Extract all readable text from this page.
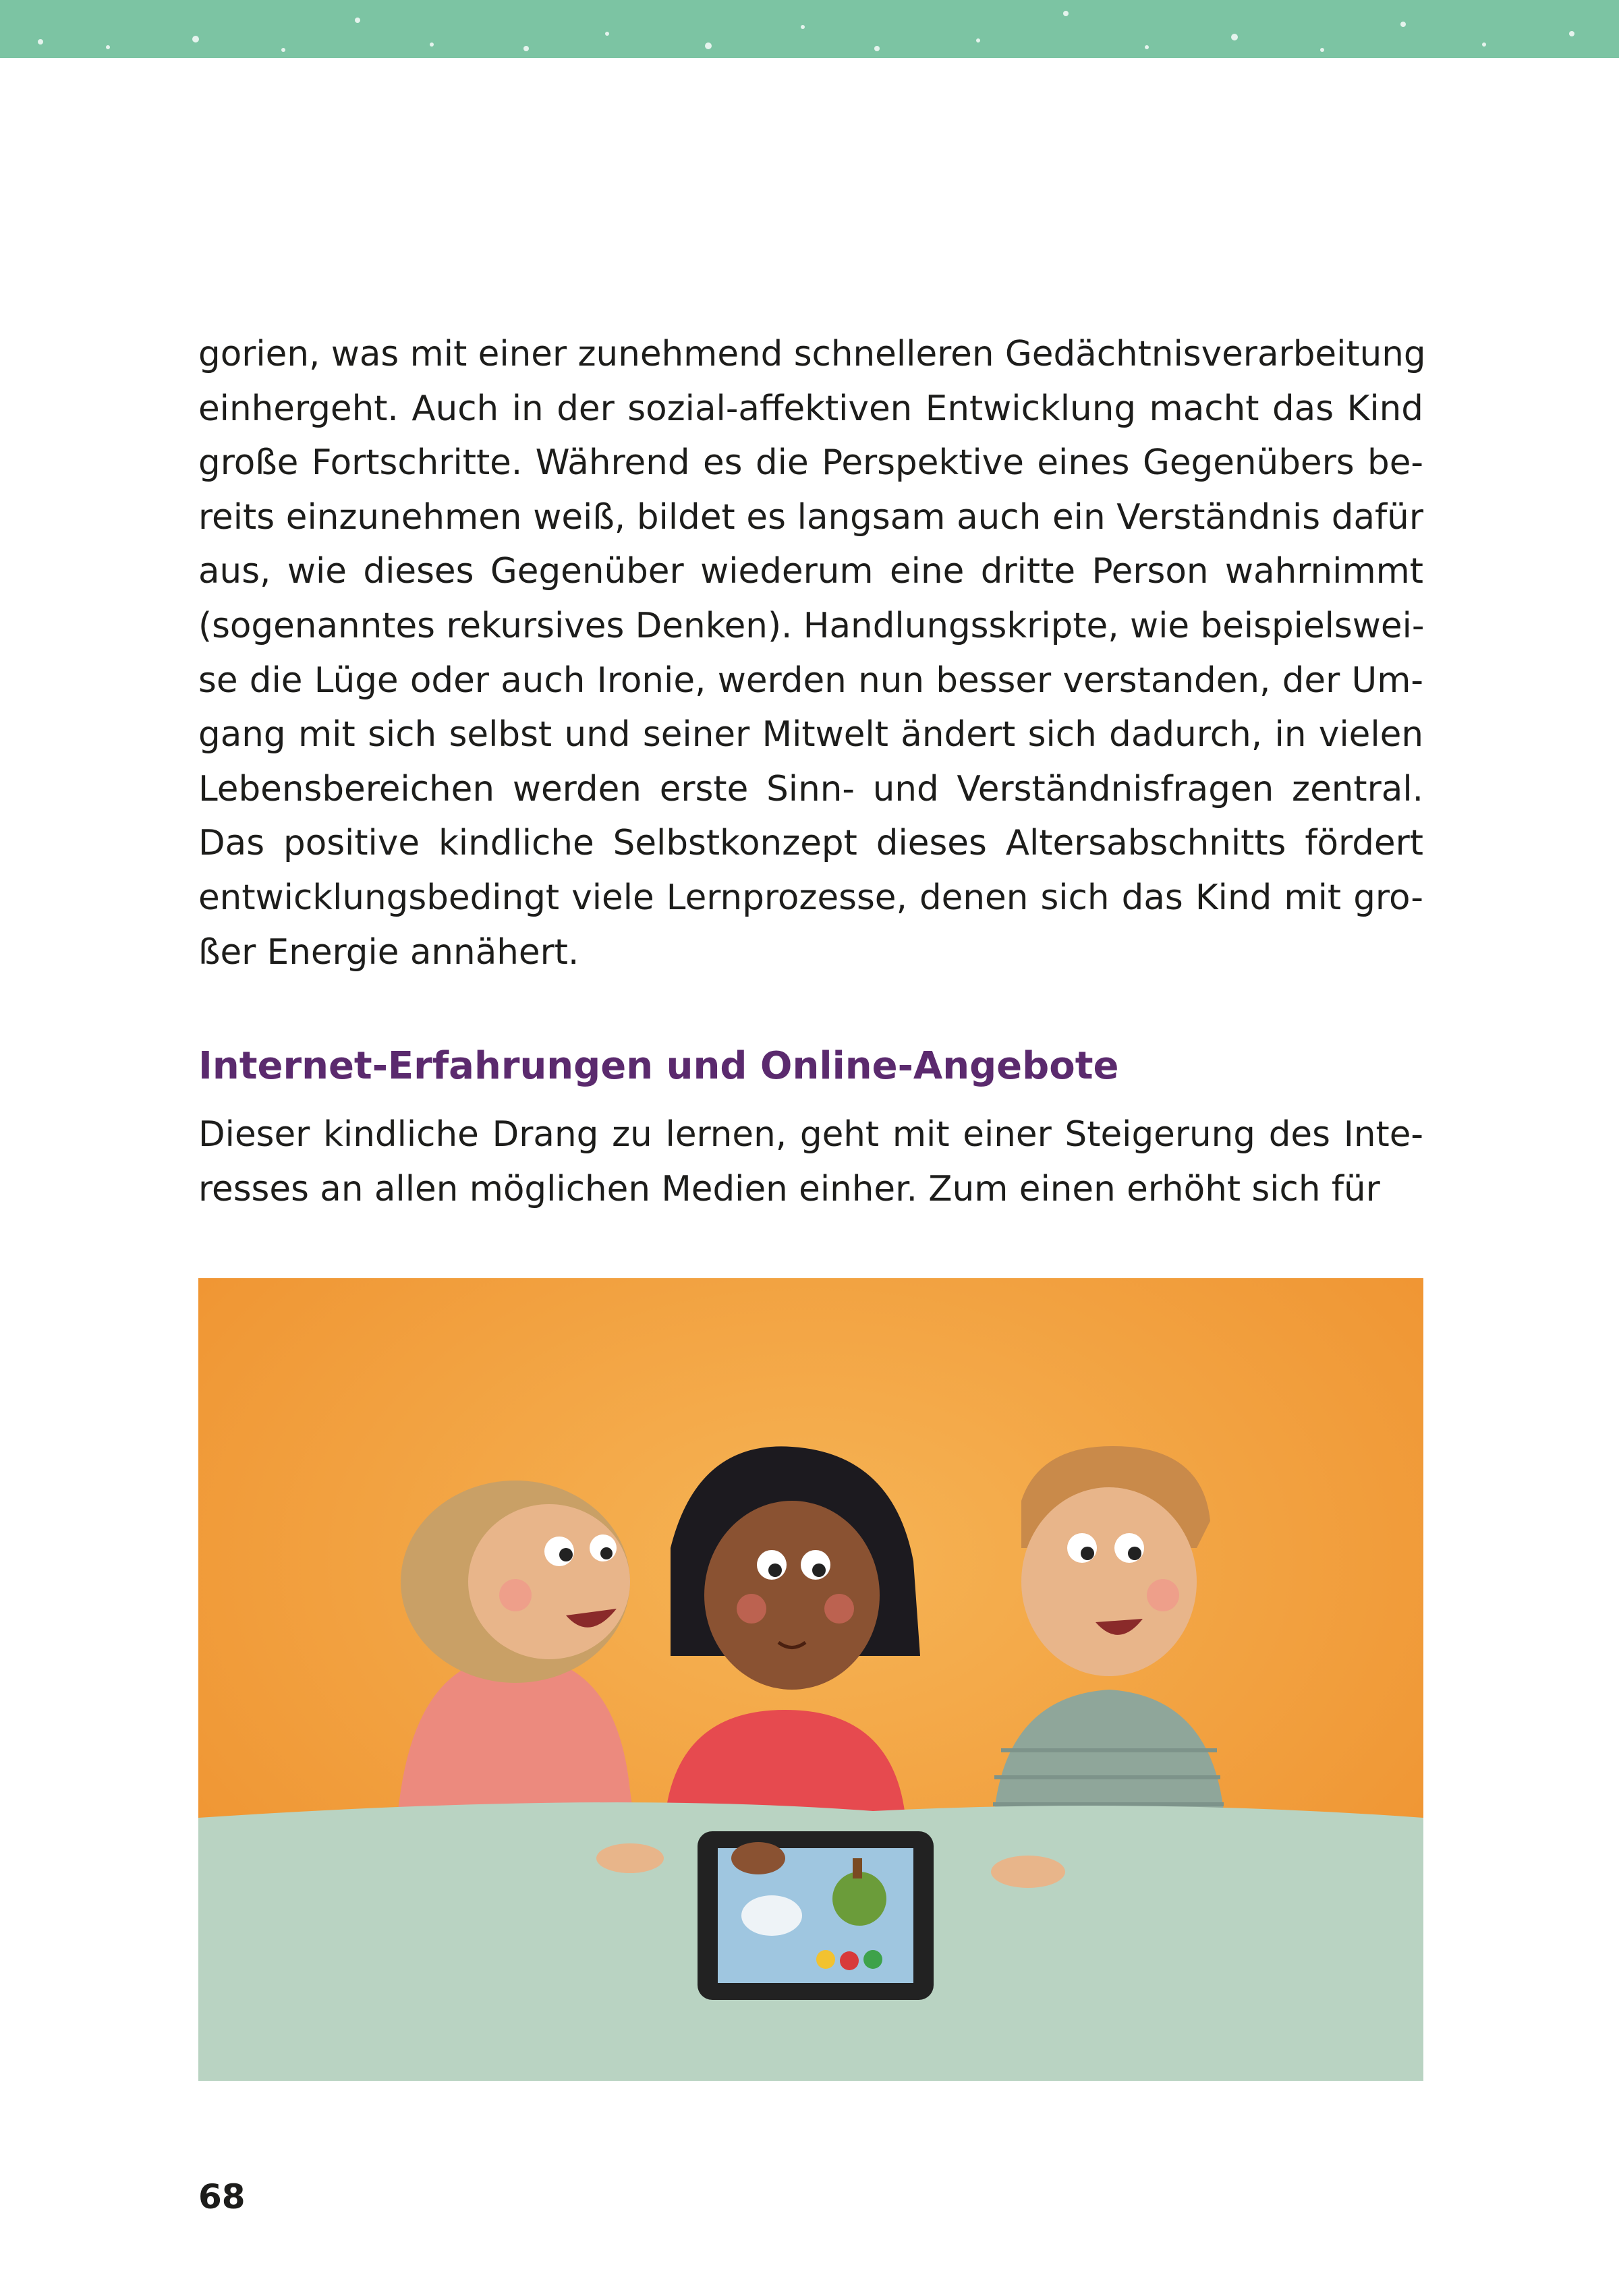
gorien, was mit einer zunehmend schnelleren Gedächtnisverarbeitung
einhergeht. Auch in der sozial-affektiven Entwicklung macht das Kind
große Fortschritte. Während es die Perspektive eines Gegenübers be-
reits einzunehmen weiß, bildet es langsam auch ein Verständnis dafür
aus, wie dieses Gegenüber wiederum eine dritte Person wahrnimmt
(sogenanntes rekursives Denken). Handlungsskripte, wie beispielswei-
se die Lüge oder auch Ironie, werden nun besser verstanden, der Um-
gang mit sich selbst und seiner Mitwelt ändert sich dadurch, in vielen
Lebensbereichen werden erste Sinn- und Verständnisfragen zentral.
Das positive kindliche Selbstkonzept dieses Altersabschnitts fördert
entwicklungsbedingt viele Lernprozesse, denen sich das Kind mit gro-
ßer Energie annähert.
Internet-Erfahrungen und Online-Angebote
Dieser kindliche Drang zu lernen, geht mit einer Steigerung des Inte-
resses an allen möglichen Medien einher. Zum einen erhöht sich für
68
